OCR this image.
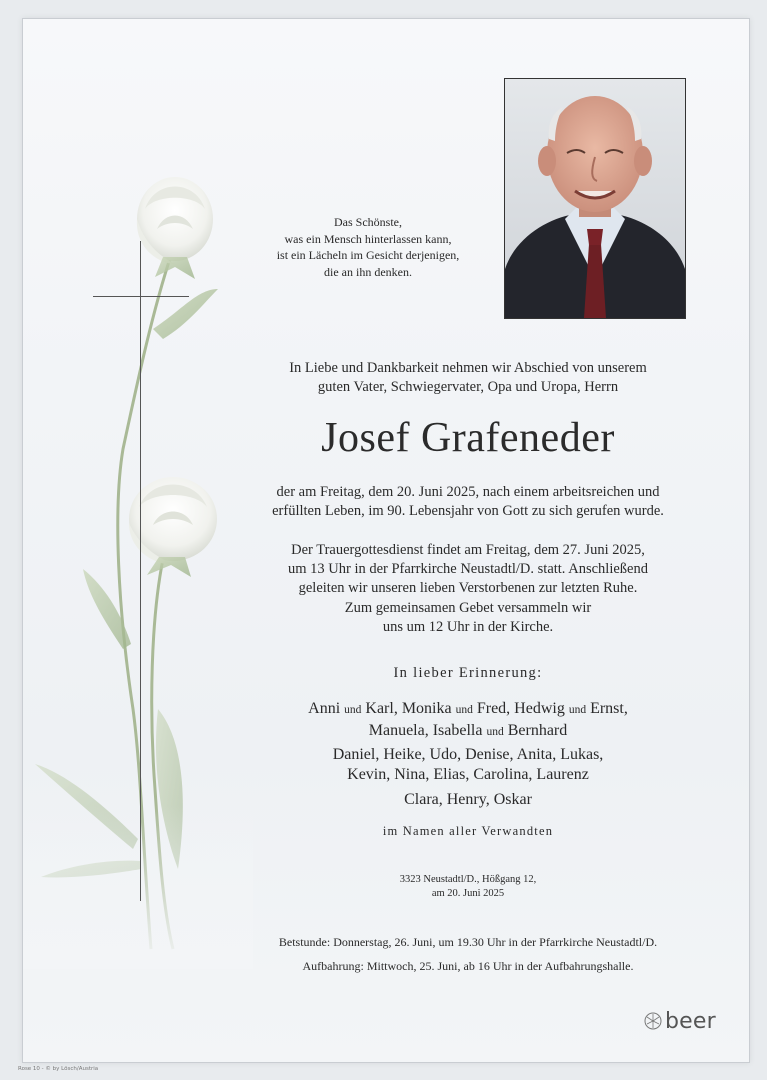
Das Schönste,
was ein Mensch hinterlassen kann,
ist ein Lächeln im Gesicht derjenigen,
die an ihn denken.
In Liebe und Dankbarkeit nehmen wir Abschied von unserem
guten Vater, Schwiegervater, Opa und Uropa, Herrn
Josef Grafeneder
der am Freitag, dem 20. Juni 2025, nach einem arbeitsreichen und
erfüllten Leben, im 90. Lebensjahr von Gott zu sich gerufen wurde.
Der Trauergottesdienst findet am Freitag, dem 27. Juni 2025,
um 13 Uhr in der Pfarrkirche Neustadtl/D. statt. Anschließend
geleiten wir unseren lieben Verstorbenen zur letzten Ruhe.
Zum gemeinsamen Gebet versammeln wir
uns um 12 Uhr in der Kirche.
In lieber Erinnerung:
Anni und Karl, Monika und Fred, Hedwig und Ernst,
Manuela, Isabella und Bernhard
Daniel, Heike, Udo, Denise, Anita, Lukas,
Kevin, Nina, Elias, Carolina, Laurenz
Clara, Henry, Oskar
im Namen aller Verwandten
3323 Neustadtl/D., Hößgang 12,
am 20. Juni 2025
Betstunde: Donnerstag, 26. Juni, um 19.30 Uhr in der Pfarrkirche Neustadtl/D.
Aufbahrung: Mittwoch, 25. Juni, ab 16 Uhr in der Aufbahrungshalle.
beer
Rose 10 - © by Lösch/Austria
